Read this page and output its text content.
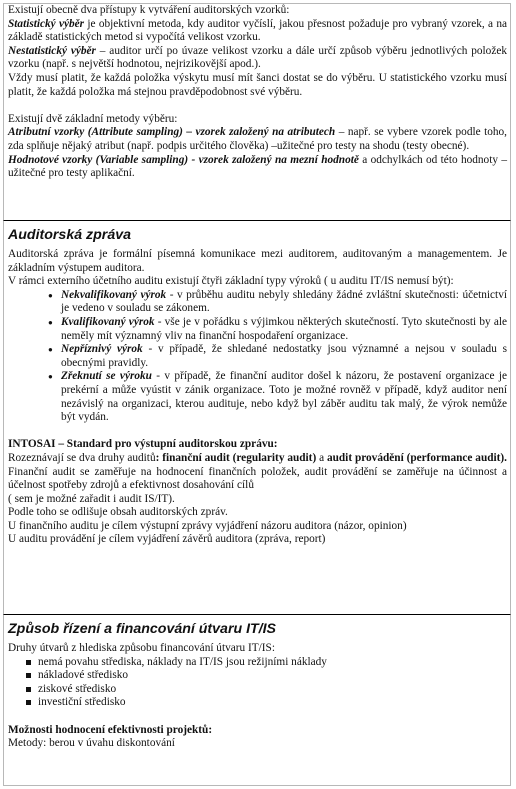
Existují obecně dva přístupy k vytváření auditorských vzorků:

Statistický výběr je objektivní metoda, kdy auditor vyčíslí, jakou přesnost požaduje pro vybraný vzorek, a na základě statistických metod si vypočítá velikost vzorku.

Nestatistický výběr – auditor určí po úvaze velikost vzorku a dále určí způsob výběru jednotlivých položek vzorku (např. s největší hodnotou, nejrizikovější apod.).

Vždy musí platit, že každá položka výskytu musí mít šanci dostat se do výběru. U statistického vzorku musí platit, že každá položka má stejnou pravděpodobnost své výběru.

Existují dvě základní metody výběru:

Atributní vzorky (Attribute sampling) – vzorek založený na atributech – např. se vybere vzorek podle toho, zda splňuje nějaký atribut (např. podpis určitého člověka) –užitečné pro testy na shodu (testy obecné).

Hodnotové vzorky (Variable sampling) - vzorek založený na mezní hodnotě a odchylkách od této hodnoty – užitečné pro testy aplikační.

Auditorská zpráva

Auditorská zpráva je formální písemná komunikace mezi auditorem, auditovaným a managementem. Je základním výstupem auditora.

V rámci externího účetního auditu existují čtyři základní typy výroků ( u auditu IT/IS nemusí být):

● Nekvalifikovaný výrok - v průběhu auditu nebyly shledány žádné zvláštní skutečnosti: účetnictví je vedeno v souladu se zákonem.

● Kvalifikovaný výrok - vše je v pořádku s výjimkou některých skutečností. Tyto skutečnosti by ale neměly mít významný vliv na finanční hospodaření organizace.

● Nepříznivý výrok - v případě, že shledané nedostatky jsou významné a nejsou v souladu s obecnými pravidly.

● Zřeknutí se výroku - v případě, že finanční auditor došel k názoru, že postavení organizace je prekérní a může vyústit v zánik organizace. Toto je možné rovněž v případě, když auditor není nezávislý na organizaci, kterou audituje, nebo když byl záběr auditu tak malý, že výrok nemůže být vydán.

INTOSAI – Standard pro výstupní auditorskou zprávu:

Rozeznávají se dva druhy auditů: finanční audit (regularity audit) a audit provádění (performance audit). Finanční audit se zaměřuje na hodnocení finančních položek, audit provádění se zaměřuje na účinnost a účelnost spotřeby zdrojů a efektivnost dosahování cílů

( sem je možné zařadit i audit IS/IT).

Podle toho se odlišuje obsah auditorských zpráv.

U finančního auditu je cílem výstupní zprávy vyjádření názoru auditora (názor, opinion)

U auditu provádění je cílem vyjádření závěrů auditora (zpráva, report)

Způsob řízení a financování útvaru IT/IS

Druhy útvarů z hlediska způsobu financování útvaru IT/IS:

nemá povahu střediska, náklady na IT/IS jsou režijními náklady

nákladové středisko

ziskové středisko

investiční středisko

Možnosti hodnocení efektivnosti projektů:

Metody: berou v úvahu diskontování
